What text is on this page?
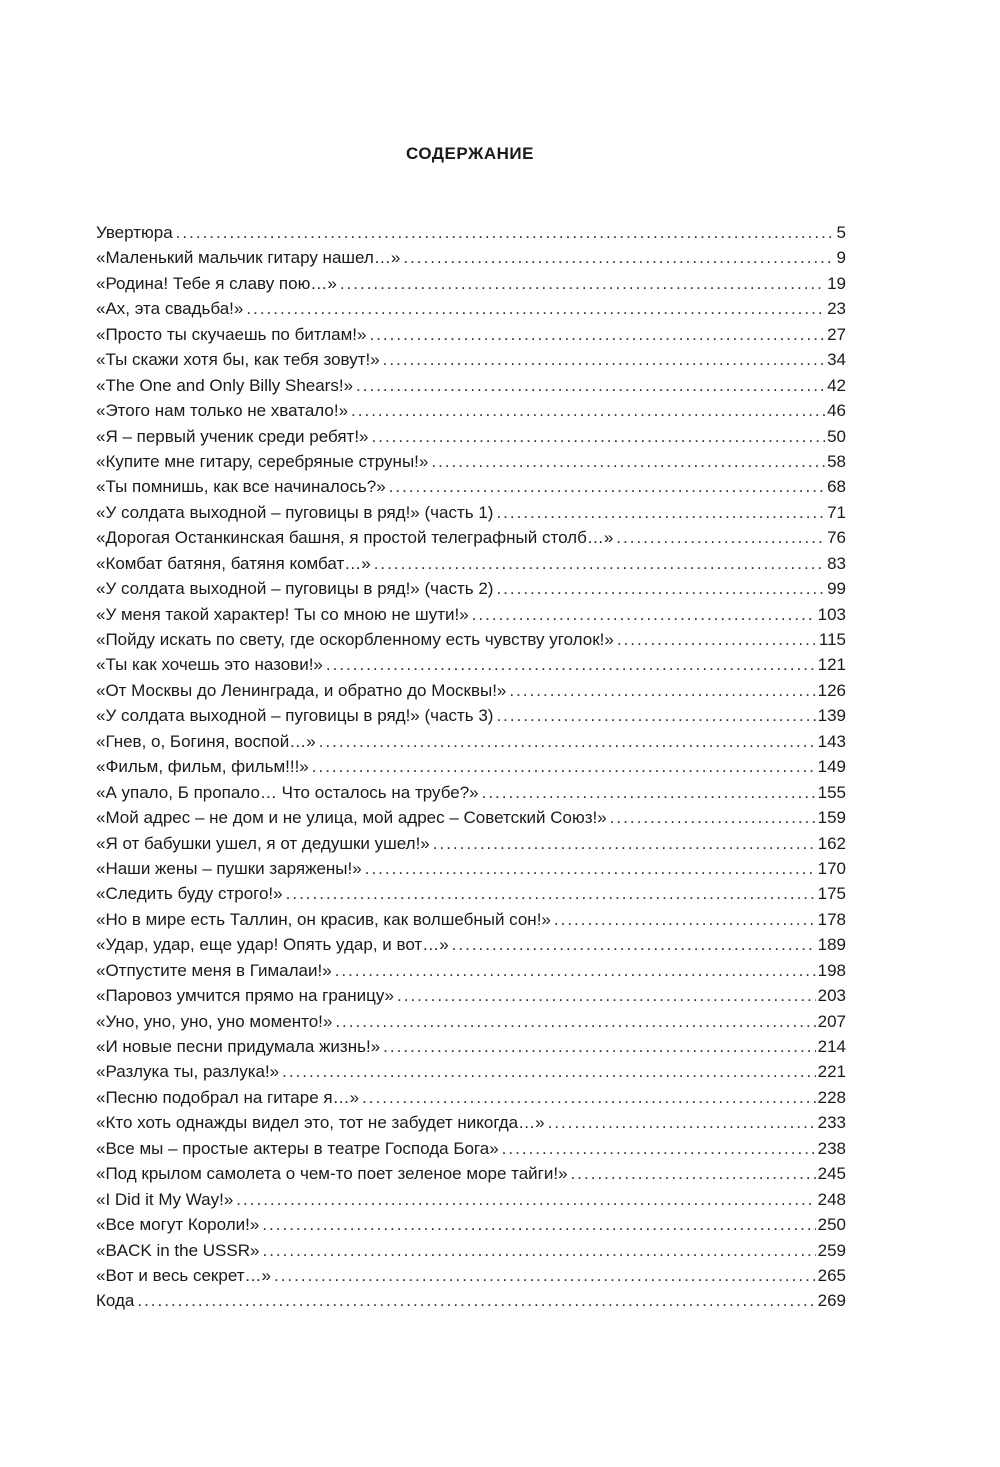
СОДЕРЖАНИЕ
Увертюра .....	5
«Маленький мальчик гитару нашел…» .....	9
«Родина! Тебе я славу пою…» .....	19
«Ах, эта свадьба!» .....	23
«Просто ты скучаешь по битлам!» .....	27
«Ты скажи хотя бы, как тебя зовут!» .....	34
«The One and Only Billy Shears!» .....	42
«Этого нам только не хватало!» .....	46
«Я – первый ученик среди ребят!» .....	50
«Купите мне гитару, серебряные струны!» .....	58
«Ты помнишь, как все начиналось?» .....	68
«У солдата выходной – пуговицы в ряд!» (часть 1) .....	71
«Дорогая Останкинская башня, я простой телеграфный столб…» .....	76
«Комбат батяня, батяня комбат…» .....	83
«У солдата выходной – пуговицы в ряд!» (часть 2) .....	99
«У меня такой характер! Ты со мною не шути!» .....	103
«Пойду искать по свету, где оскорбленному есть чувству уголок!» .....	115
«Ты как хочешь это назови!» .....	121
«От Москвы до Ленинграда, и обратно до Москвы!» .....	126
«У солдата выходной – пуговицы в ряд!» (часть 3) .....	139
«Гнев, о, Богиня, воспой…» .....	143
«Фильм, фильм, фильм!!!» .....	149
«А упало, Б пропало… Что осталось на трубе?» .....	155
«Мой адрес – не дом и не улица, мой адрес – Советский Союз!» .....	159
«Я от бабушки ушел, я от дедушки ушел!» .....	162
«Наши жены – пушки заряжены!» .....	170
«Следить буду строго!» .....	175
«Но в мире есть Таллин, он красив, как волшебный сон!» .....	178
«Удар, удар, еще удар! Опять удар, и вот…» .....	189
«Отпустите меня в Гималаи!» .....	198
«Паровоз умчится прямо на границу» .....	203
«Уно, уно, уно, уно моменто!» .....	207
«И новые песни придумала жизнь!» .....	214
«Разлука ты, разлука!» .....	221
«Песню подобрал на гитаре я…» .....	228
«Кто хоть однажды видел это, тот не забудет никогда…» .....	233
«Все мы – простые актеры в театре Господа Бога» .....	238
«Под крылом самолета о чем-то поет зеленое море тайги!» .....	245
«I Did it My Way!» .....	248
«Все могут Короли!» .....	250
«BACK in the USSR» .....	259
«Вот и весь секрет…» .....	265
Кода .....	269
